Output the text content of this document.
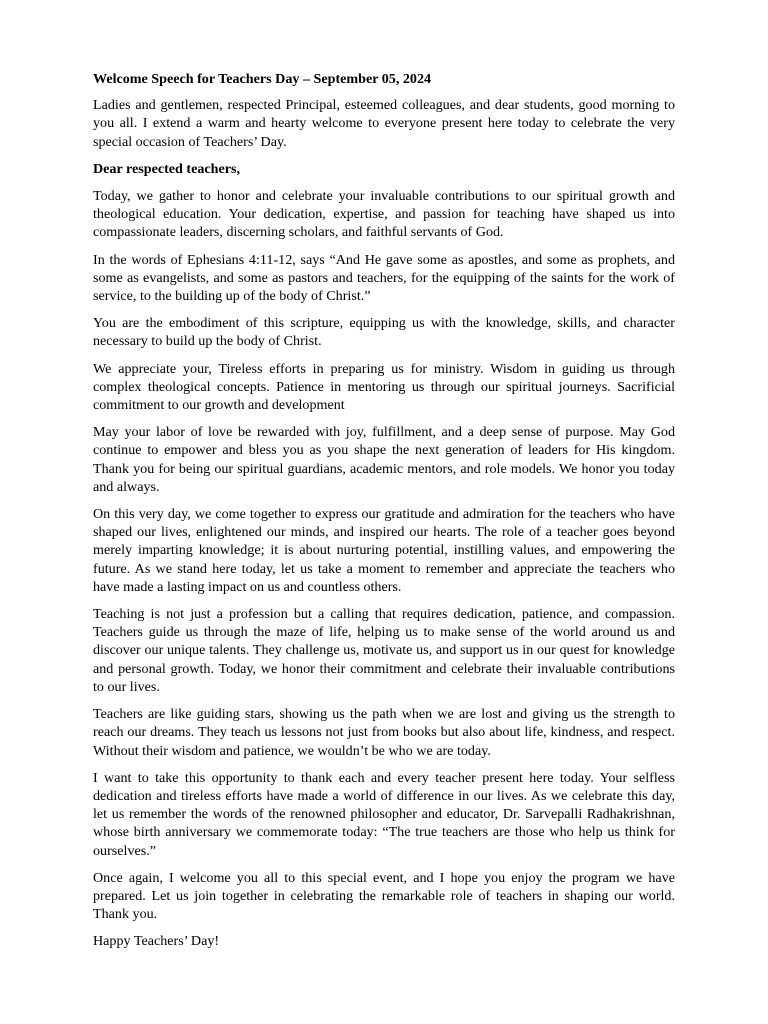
Welcome Speech for Teachers Day – September 05, 2024

Ladies and gentlemen, respected Principal, esteemed colleagues, and dear students, good morning to you all. I extend a warm and hearty welcome to everyone present here today to celebrate the very special occasion of Teachers’ Day.

Dear respected teachers,

Today, we gather to honor and celebrate your invaluable contributions to our spiritual growth and theological education. Your dedication, expertise, and passion for teaching have shaped us into compassionate leaders, discerning scholars, and faithful servants of God.

In the words of Ephesians 4:11-12, says “And He gave some as apostles, and some as prophets, and some as evangelists, and some as pastors and teachers, for the equipping of the saints for the work of service, to the building up of the body of Christ.”

You are the embodiment of this scripture, equipping us with the knowledge, skills, and character necessary to build up the body of Christ.

We appreciate your, Tireless efforts in preparing us for ministry. Wisdom in guiding us through complex theological concepts. Patience in mentoring us through our spiritual journeys. Sacrificial commitment to our growth and development

May your labor of love be rewarded with joy, fulfillment, and a deep sense of purpose. May God continue to empower and bless you as you shape the next generation of leaders for His kingdom. Thank you for being our spiritual guardians, academic mentors, and role models. We honor you today and always.

On this very day, we come together to express our gratitude and admiration for the teachers who have shaped our lives, enlightened our minds, and inspired our hearts. The role of a teacher goes beyond merely imparting knowledge; it is about nurturing potential, instilling values, and empowering the future. As we stand here today, let us take a moment to remember and appreciate the teachers who have made a lasting impact on us and countless others.

Teaching is not just a profession but a calling that requires dedication, patience, and compassion. Teachers guide us through the maze of life, helping us to make sense of the world around us and discover our unique talents. They challenge us, motivate us, and support us in our quest for knowledge and personal growth. Today, we honor their commitment and celebrate their invaluable contributions to our lives.

Teachers are like guiding stars, showing us the path when we are lost and giving us the strength to reach our dreams. They teach us lessons not just from books but also about life, kindness, and respect. Without their wisdom and patience, we wouldn’t be who we are today.

I want to take this opportunity to thank each and every teacher present here today. Your selfless dedication and tireless efforts have made a world of difference in our lives. As we celebrate this day, let us remember the words of the renowned philosopher and educator, Dr. Sarvepalli Radhakrishnan, whose birth anniversary we commemorate today: “The true teachers are those who help us think for ourselves.”

Once again, I welcome you all to this special event, and I hope you enjoy the program we have prepared. Let us join together in celebrating the remarkable role of teachers in shaping our world. Thank you.

Happy Teachers’ Day!
